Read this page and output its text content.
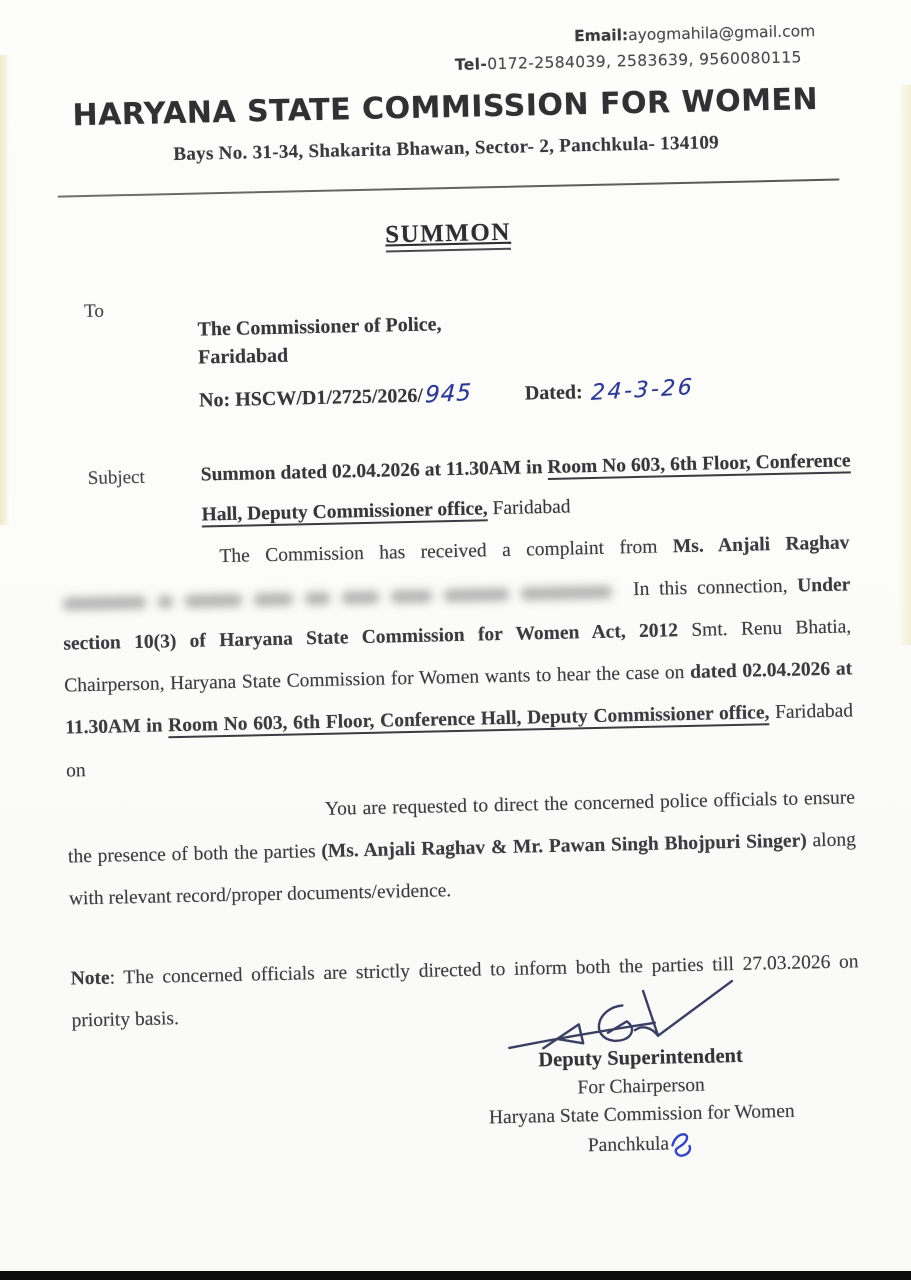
Email:ayogmahila@gmail.com
Tel-0172-2584039, 2583639, 9560080115
HARYANA STATE COMMISSION FOR WOMEN
Bays No. 31-34, Shakarita Bhawan, Sector- 2, Panchkula- 134109
SUMMON
To
The Commissioner of Police,
Faridabad
No: HSCW/D1/2725/2026/945	Dated: 24-3-26
Subject	Summon dated 02.04.2026 at 11.30AM in Room No 603, 6th Floor, Conference Hall, Deputy Commissioner office, Faridabad

The Commission has received a complaint from Ms. Anjali Raghav  In this connection, Under section 10(3) of Haryana State Commission for Women Act, 2012 Smt. Renu Bhatia, Chairperson, Haryana State Commission for Women wants to hear the case on dated 02.04.2026 at 11.30AM in Room No 603, 6th Floor, Conference Hall, Deputy Commissioner office, Faridabad on

You are requested to direct the concerned police officials to ensure the presence of both the parties (Ms. Anjali Raghav & Mr. Pawan Singh Bhojpuri Singer) along with relevant record/proper documents/evidence.

Note: The concerned officials are strictly directed to inform both the parties till 27.03.2026 on priority basis.

Deputy Superintendent
For Chairperson
Haryana State Commission for Women
Panchkula
